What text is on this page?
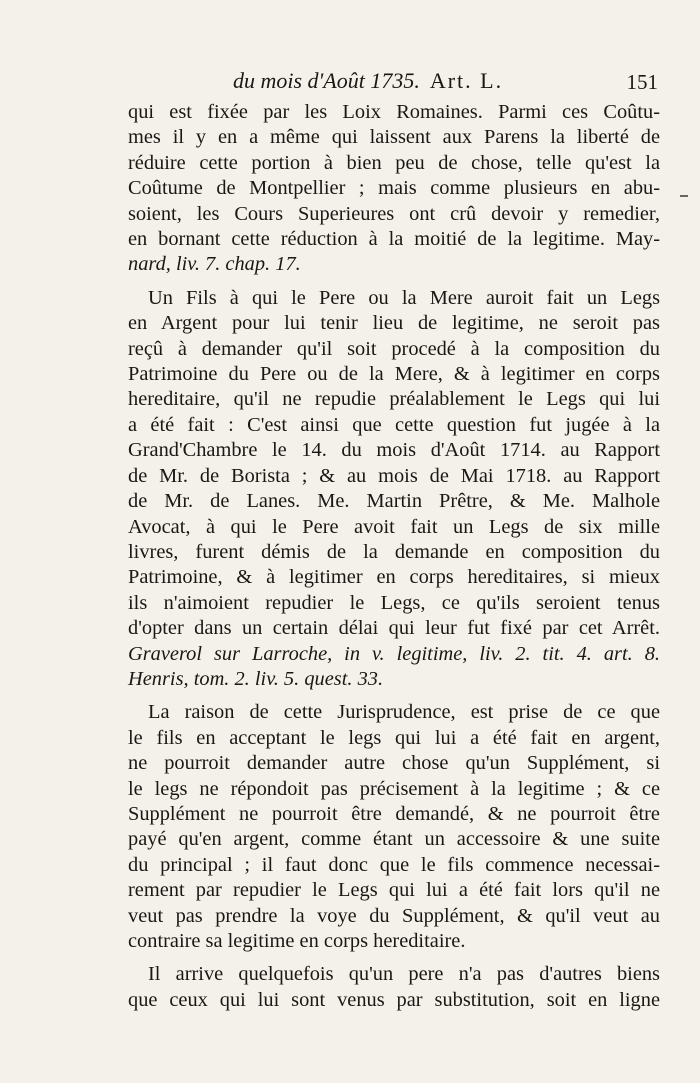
du mois d'Août 1735. Art. L.	151
qui est fixée par les Loix Romaines. Parmi ces Coûtu-
mes il y en a même qui laissent aux Parens la liberté de
réduire cette portion à bien peu de chose, telle qu'est la
Coûtume de Montpellier ; mais comme plusieurs en abu-
soient, les Cours Superieures ont crû devoir y remedier,
en bornant cette réduction à la moitié de la legitime. May-
nard, liv. 7. chap. 17.
Un Fils à qui le Pere ou la Mere auroit fait un Legs
en Argent pour lui tenir lieu de legitime, ne seroit pas
reçû à demander qu'il soit procedé à la composition du
Patrimoine du Pere ou de la Mere, & à legitimer en corps
hereditaire, qu'il ne repudie préalablement le Legs qui lui
a été fait : C'est ainsi que cette question fut jugée à la
Grand'Chambre le 14. du mois d'Août 1714. au Rapport
de Mr. de Borista ; & au mois de Mai 1718. au Rapport
de Mr. de Lanes. Me. Martin Prêtre, & Me. Malhole
Avocat, à qui le Pere avoit fait un Legs de six mille
livres, furent démis de la demande en composition du
Patrimoine, & à legitimer en corps hereditaires, si mieux
ils n'aimoient repudier le Legs, ce qu'ils seroient tenus
d'opter dans un certain délai qui leur fut fixé par cet Arrêt.
Graverol sur Larroche, in v. legitime, liv. 2. tit. 4. art. 8.
Henris, tom. 2. liv. 5. quest. 33.
La raison de cette Jurisprudence, est prise de ce que
le fils en acceptant le legs qui lui a été fait en argent,
ne pourroit demander autre chose qu'un Supplément, si
le legs ne répondoit pas précisement à la legitime ; & ce
Supplément ne pourroit être demandé, & ne pourroit être
payé qu'en argent, comme étant un accessoire & une suite
du principal ; il faut donc que le fils commence necessai-
rement par repudier le Legs qui lui a été fait lors qu'il ne
veut pas prendre la voye du Supplément, & qu'il veut au
contraire sa legitime en corps hereditaire.
Il arrive quelquefois qu'un pere n'a pas d'autres biens
que ceux qui lui sont venus par substitution, soit en ligne
